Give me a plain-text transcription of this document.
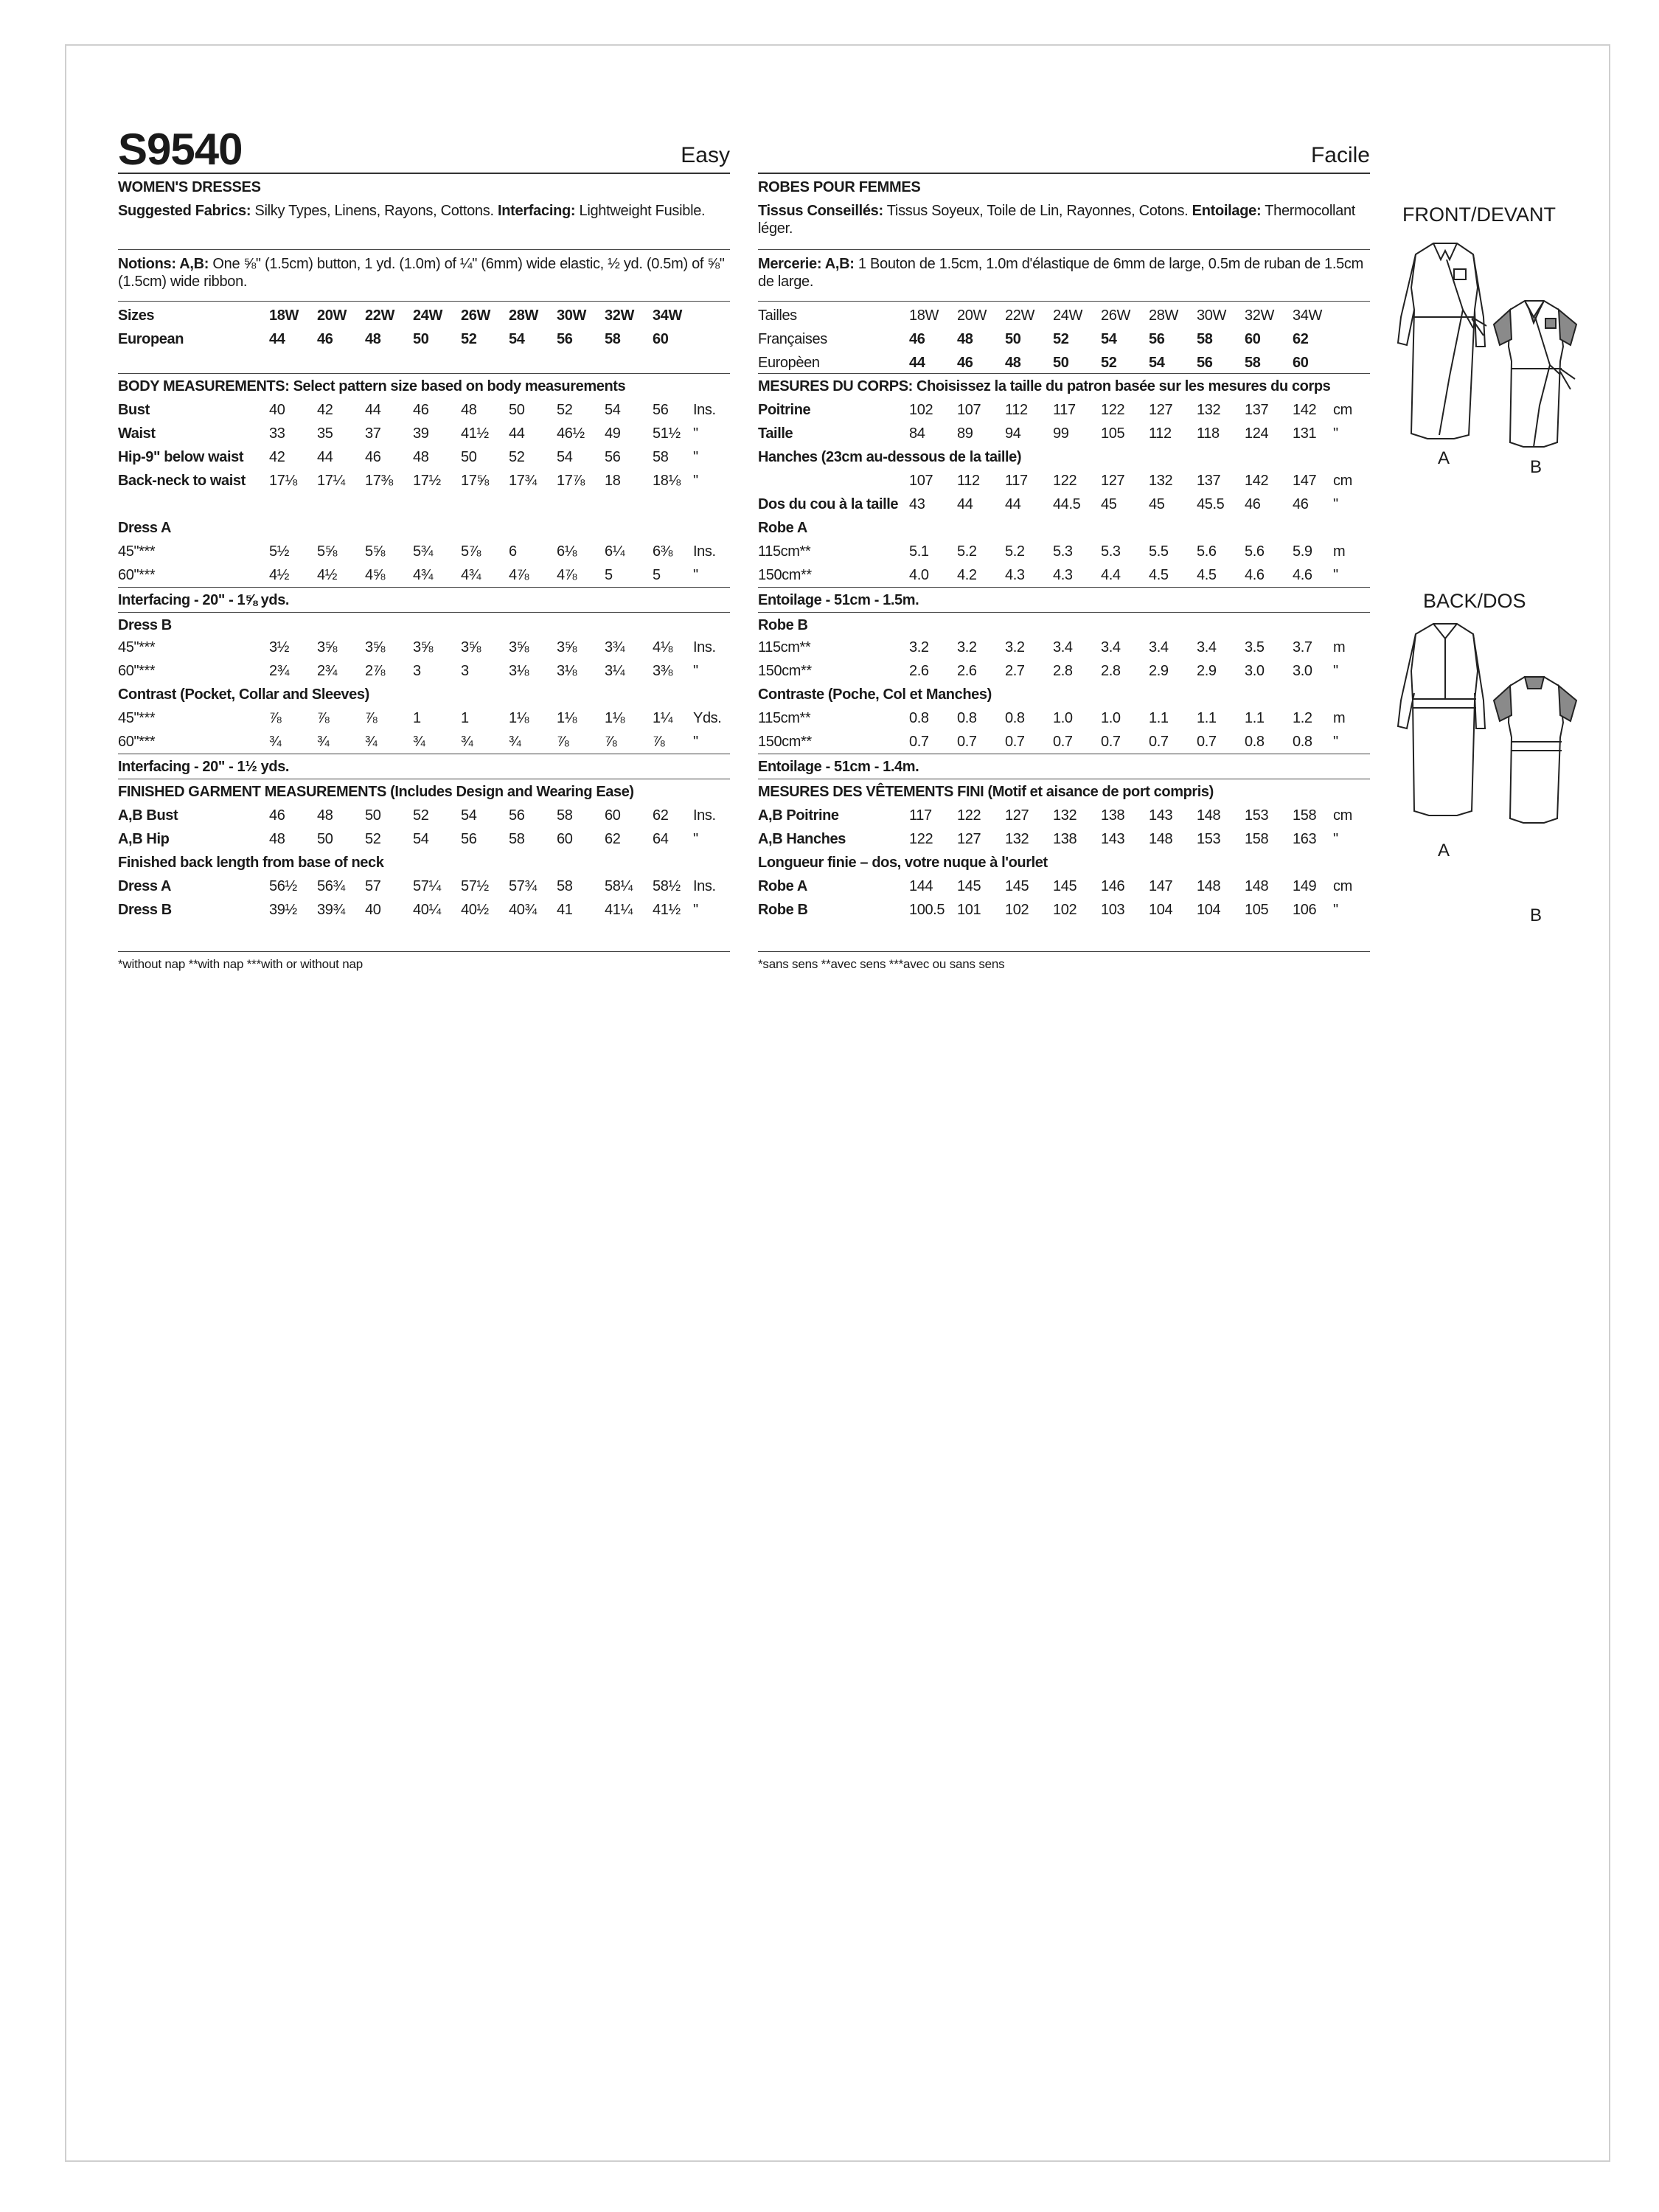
S9540	Easy
WOMEN'S DRESSES
Suggested Fabrics: Silky Types, Linens, Rayons, Cottons. Interfacing: Lightweight Fusible.
Notions: A,B: One ⅝" (1.5cm) button, 1 yd. (1.0m) of ¼" (6mm) wide elastic, ½ yd. (0.5m) of ⅝" (1.5cm) wide ribbon.
Sizes	18W	20W	22W	24W	26W	28W	30W	32W	34W
European	44	46	48	50	52	54	56	58	60
BODY MEASUREMENTS: Select pattern size based on body measurements
Bust	40	42	44	46	48	50	52	54	56	Ins.
Waist	33	35	37	39	41½	44	46½	49	51½ "
Hip-9" below waist 42	44	46	48	50	52	54	56	58	"
Back-neck to waist 17⅛	17¼	17⅜	17½	17⅝	17¾	17⅞	18	18⅛ "
Dress A
45"***	5½	5⅝	5⅝	5¾	5⅞	6	6⅛	6¼	6⅜	Ins.
60"***	4½	4½	4⅝	4¾	4¾	4⅞	4⅞	5	5	"
Interfacing - 20" - 1⅝ yds.
Dress B
45"***	3½	3⅝	3⅝	3⅝	3⅝	3⅝	3⅝	3¾	4⅛	Ins.
60"***	2¾	2¾	2⅞	3	3	3⅛	3⅛	3¼	3⅜	"
Contrast (Pocket, Collar and Sleeves)
45"***	⅞	⅞	⅞	1	1	1⅛	1⅛	1⅛	1¼	Yds.
60"***	¾	¾	¾	¾	¾	¾	⅞	⅞	⅞	"
Interfacing - 20" - 1½ yds.
FINISHED GARMENT MEASUREMENTS (Includes Design and Wearing Ease)
A,B Bust	46	48	50	52	54	56	58	60	62	Ins.
A,B Hip	48	50	52	54	56	58	60	62	64	"
Finished back length from base of neck
Dress A	56½	56¾	57	57¼	57½	57¾	58	58¼	58½ Ins.
Dress B	39½	39¾	40	40¼	40½	40¾	41	41¼	41½ "
*without nap **with nap ***with or without nap
Facile
ROBES POUR FEMMES
Tissus Conseillés: Tissus Soyeux, Toile de Lin, Rayonnes, Cotons. Entoilage: Thermocollant léger.
Mercerie: A,B: 1 Bouton de 1.5cm, 1.0m d'élastique de 6mm de large, 0.5m de ruban de 1.5cm de large.
Tailles	18W	20W	22W	24W	26W	28W	30W	32W	34W
Françaises	46	48	50	52	54	56	58	60	62
Europèen	44	46	48	50	52	54	56	58	60
MESURES DU CORPS: Choisissez la taille du patron basée sur les mesures du corps
Poitrine	102	107	112	117	122	127	132	137	142	cm
Taille	84	89	94	99	105	112	118	124	131	"
Hanches (23cm au-dessous de la taille)
107	112	117	122	127	132	137	142	147	cm
Dos du cou à la taille 43	44	44	44.5	45	45	45.5	46	46	"
Robe A
115cm**	5.1	5.2	5.2	5.3	5.3	5.5	5.6	5.6	5.9	m
150cm**	4.0	4.2	4.3	4.3	4.4	4.5	4.5	4.6	4.6	"
Entoilage - 51cm - 1.5m.
Robe B
115cm**	3.2	3.2	3.2	3.4	3.4	3.4	3.4	3.5	3.7	m
150cm**	2.6	2.6	2.7	2.8	2.8	2.9	2.9	3.0	3.0	"
Contraste (Poche, Col et Manches)
115cm**	0.8	0.8	0.8	1.0	1.0	1.1	1.1	1.1	1.2	m
150cm**	0.7	0.7	0.7	0.7	0.7	0.7	0.7	0.8	0.8	"
Entoilage - 51cm - 1.4m.
MESURES DES VÊTEMENTS FINI (Motif et aisance de port compris)
A,B Poitrine	117	122	127	132	138	143	148	153	158	cm
A,B Hanches	122	127	132	138	143	148	153	158	163	"
Longueur finie – dos, votre nuque à l'ourlet
Robe A	144	145	145	145	146	147	148	148	149	cm
Robe B	100.5 101	102	102	103	104	104	105	106	"
*sans sens **avec sens ***avec ou sans sens
FRONT/DEVANT
A	B
BACK/DOS
A
B
